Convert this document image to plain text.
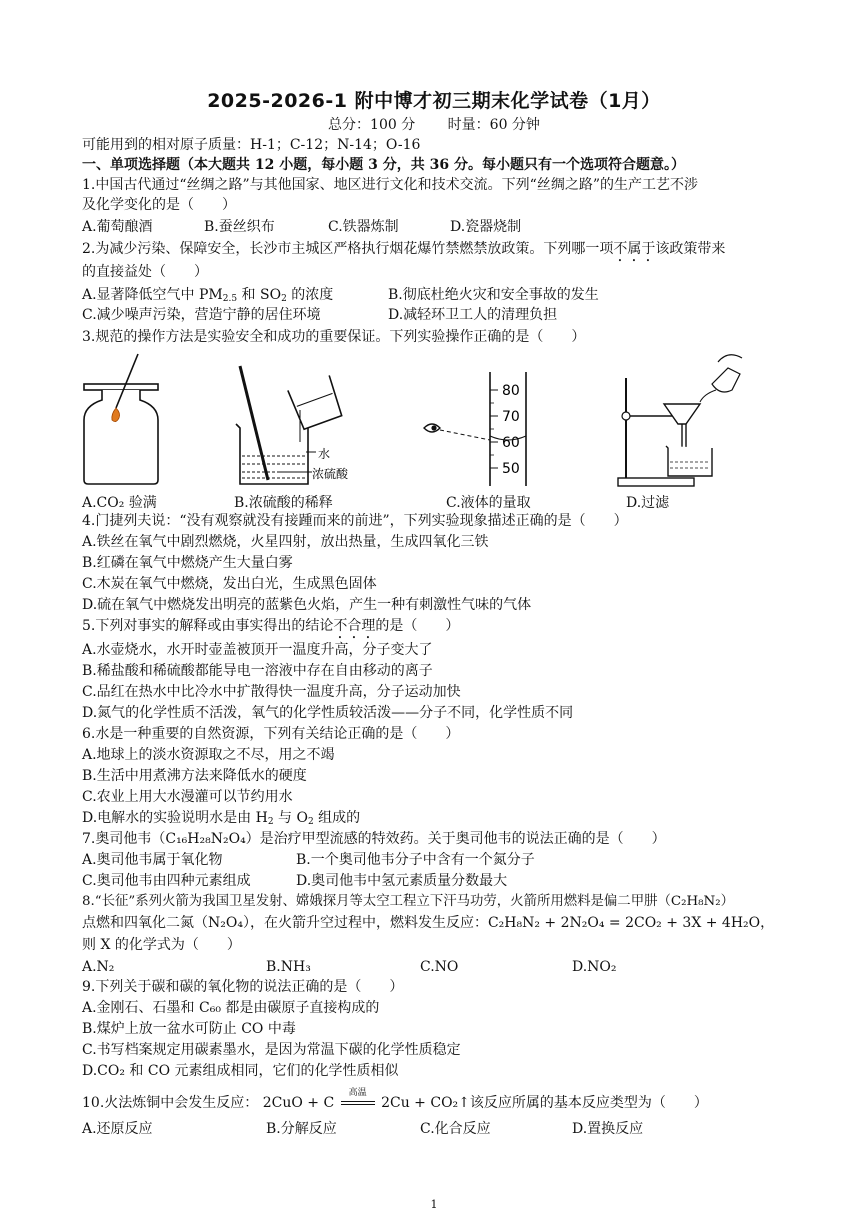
2025-2026-1 附中博才初三期末化学试卷（1月）
总分：100 分 时量：60 分钟
可能用到的相对原子质量：H-1；C-12；N-14；O-16
一、单项选择题（本大题共 12 小题，每小题 3 分，共 36 分。每小题只有一个选项符合题意。）
1.中国古代通过“丝绸之路”与其他国家、地区进行文化和技术交流。下列“丝绸之路”的生产工艺不涉
及化学变化的是（　　）
A.葡萄酿酒	B.蚕丝织布	C.铁器炼制	D.瓷器烧制
2.为减少污染、保障安全，长沙市主城区严格执行烟花爆竹禁燃禁放政策。下列哪一项不属于该政策带来
的直接益处（　　）
A.显著降低空气中 $PM_{2.5}$ 和 $SO_2$ 的浓度	B.彻底杜绝火灾和安全事故的发生
C.减少噪声污染，营造宁静的居住环境	D.减轻环卫工人的清理负担
3.规范的操作方法是实验安全和成功的重要保证。下列实验操作正确的是（　　）
水
浓硫酸
80
70
60
50
A.CO₂ 验满	B.浓硫酸的稀释	C.液体的量取	D.过滤
4.门捷列夫说：“没有观察就没有接踵而来的前进”，下列实验现象描述正确的是（　　）
A.铁丝在氧气中剧烈燃烧，火星四射，放出热量，生成四氧化三铁
B.红磷在氧气中燃烧产生大量白雾
C.木炭在氧气中燃烧，发出白光，生成黑色固体
D.硫在氧气中燃烧发出明亮的蓝紫色火焰，产生一种有刺激性气味的气体
5.下列对事实的解释或由事实得出的结论不合理的是（　　）
A.水壶烧水，水开时壶盖被顶开一温度升高，分子变大了
B.稀盐酸和稀硫酸都能导电一溶液中存在自由移动的离子
C.品红在热水中比冷水中扩散得快一温度升高，分子运动加快
D.氮气的化学性质不活泼，氧气的化学性质较活泼——分子不同，化学性质不同
6.水是一种重要的自然资源，下列有关结论正确的是（　　）
A.地球上的淡水资源取之不尽，用之不竭
B.生活中用煮沸方法来降低水的硬度
C.农业上用大水漫灌可以节约用水
D.电解水的实验说明水是由 $H_2$ 与 $O_2$ 组成的
7.奥司他韦（C₁₆H₂₈N₂O₄）是治疗甲型流感的特效药。关于奥司他韦的说法正确的是（　　）
A.奥司他韦属于氧化物	B.一个奥司他韦分子中含有一个氮分子
C.奥司他韦由四种元素组成	D.奥司他韦中氢元素质量分数最大
8.“长征”系列火箭为我国卫星发射、嫦娥探月等太空工程立下汗马功劳，火箭所用燃料是偏二甲肼（C₂H₈N₂）
点燃和四氧化二氮（N₂O₄），在火箭升空过程中，燃料发生反应：C₂H₈N₂ + 2N₂O₄ = 2CO₂ + 3X + 4H₂O，
则 X 的化学式为（　　）
A.N₂	B.NH₃	C.NO	D.NO₂
9.下列关于碳和碳的氧化物的说法正确的是（　　）
A.金刚石、石墨和 C₆₀ 都是由碳原子直接构成的
B.煤炉上放一盆水可防止 CO 中毒
C.书写档案规定用碳素墨水，是因为常温下碳的化学性质稳定
D.CO₂ 和 CO 元素组成相同，它们的化学性质相似
10.火法炼铜中会发生反应： 2CuO + C
高温
2Cu + CO₂↑该反应所属的基本反应类型为（　　）
A.还原反应	B.分解反应	C.化合反应	D.置换反应
1
